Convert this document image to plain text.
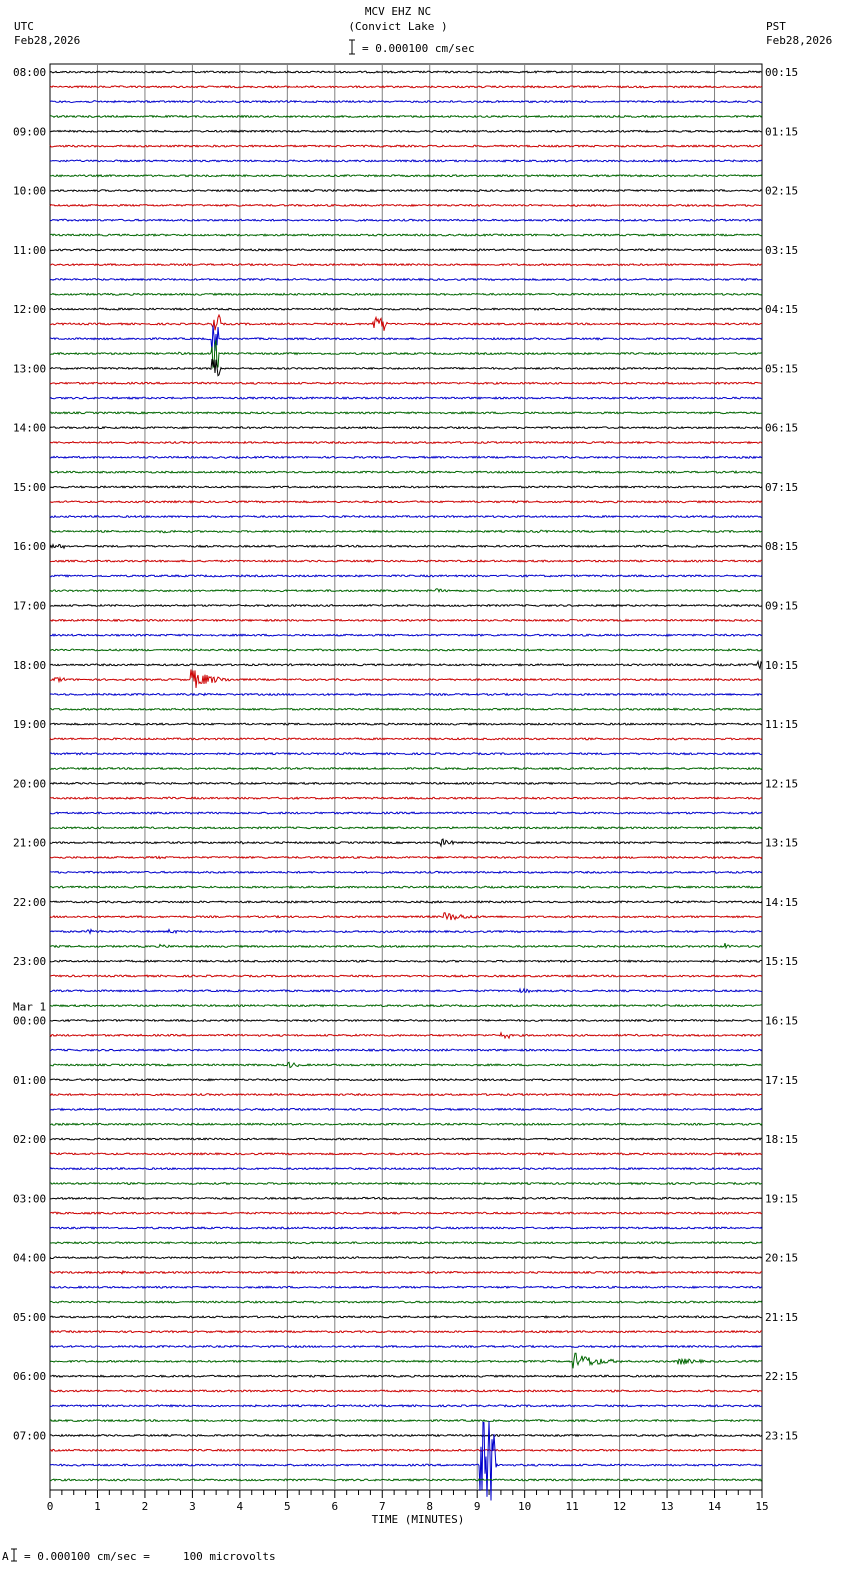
MCV EHZ NC
(Convict Lake )
= 0.000100 cm/sec
UTC
Feb28,2026
PST
Feb28,2026
08:00
09:00
10:00
11:00
12:00
13:00
14:00
15:00
16:00
17:00
18:00
19:00
20:00
21:00
22:00
23:00
00:00
Mar 1
01:00
02:00
03:00
04:00
05:00
06:00
07:00
00:15
01:15
02:15
03:15
04:15
05:15
06:15
07:15
08:15
09:15
10:15
11:15
12:15
13:15
14:15
15:15
16:15
17:15
18:15
19:15
20:15
21:15
22:15
23:15
0	1	2	3	4	5	6	7	8	9	10	11	12	13	14	15
TIME (MINUTES)
A = 0.000100 cm/sec =     100 microvolts
